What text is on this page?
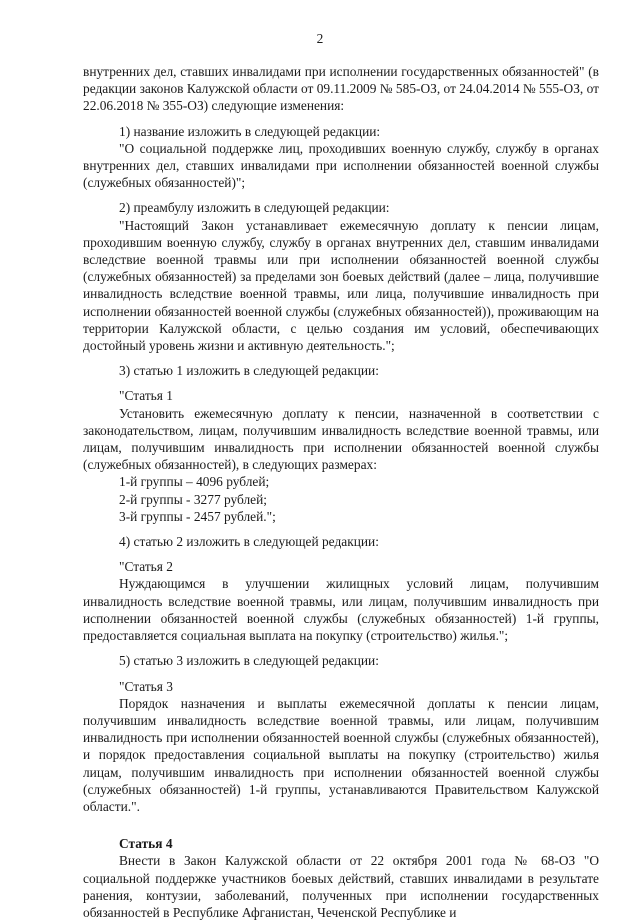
2

внутренних дел, ставших инвалидами при исполнении государственных обязанностей" (в редакции законов Калужской области от 09.11.2009 № 585-ОЗ, от 24.04.2014 № 555-ОЗ, от 22.06.2018 № 355-ОЗ) следующие изменения:

1) название изложить в следующей редакции:

"О социальной поддержке лиц, проходивших военную службу, службу в органах внутренних дел, ставших инвалидами при исполнении обязанностей военной службы (служебных обязанностей)";

2) преамбулу изложить в следующей редакции:

"Настоящий Закон устанавливает ежемесячную доплату к пенсии лицам, проходившим военную службу, службу в органах внутренних дел, ставшим инвалидами вследствие военной травмы или при исполнении обязанностей военной службы (служебных обязанностей) за пределами зон боевых действий (далее – лица, получившие инвалидность вследствие военной травмы, или лица, получившие инвалидность при исполнении обязанностей военной службы (служебных обязанностей)), проживающим на территории Калужской области, с целью создания им условий, обеспечивающих достойный уровень жизни и активную деятельность.";

3) статью 1 изложить в следующей редакции:

"Статья 1

Установить ежемесячную доплату к пенсии, назначенной в соответствии с законодательством, лицам, получившим инвалидность вследствие военной травмы, или лицам, получившим инвалидность при исполнении обязанностей военной службы (служебных обязанностей), в следующих размерах:

1-й группы – 4096 рублей;

2-й группы - 3277 рублей;

3-й группы - 2457 рублей.";

4) статью 2 изложить в следующей редакции:

"Статья 2

Нуждающимся в улучшении жилищных условий лицам, получившим инвалидность вследствие военной травмы, или лицам, получившим инвалидность при исполнении обязанностей военной службы (служебных обязанностей) 1-й группы, предоставляется социальная выплата на покупку (строительство) жилья.";

5) статью 3 изложить в следующей редакции:

"Статья 3

Порядок назначения и выплаты ежемесячной доплаты к пенсии лицам, получившим инвалидность вследствие военной травмы, или лицам, получившим инвалидность при исполнении обязанностей военной службы (служебных обязанностей), и порядок предоставления социальной выплаты на покупку (строительство) жилья лицам, получившим инвалидность при исполнении обязанностей военной службы (служебных обязанностей) 1-й группы, устанавливаются Правительством Калужской области.".

Статья 4

Внести в Закон Калужской области от 22 октября 2001 года № 68-ОЗ "О социальной поддержке участников боевых действий, ставших инвалидами в результате ранения, контузии, заболеваний, полученных при исполнении государственных обязанностей в Республике Афганистан, Чеченской Республике и
